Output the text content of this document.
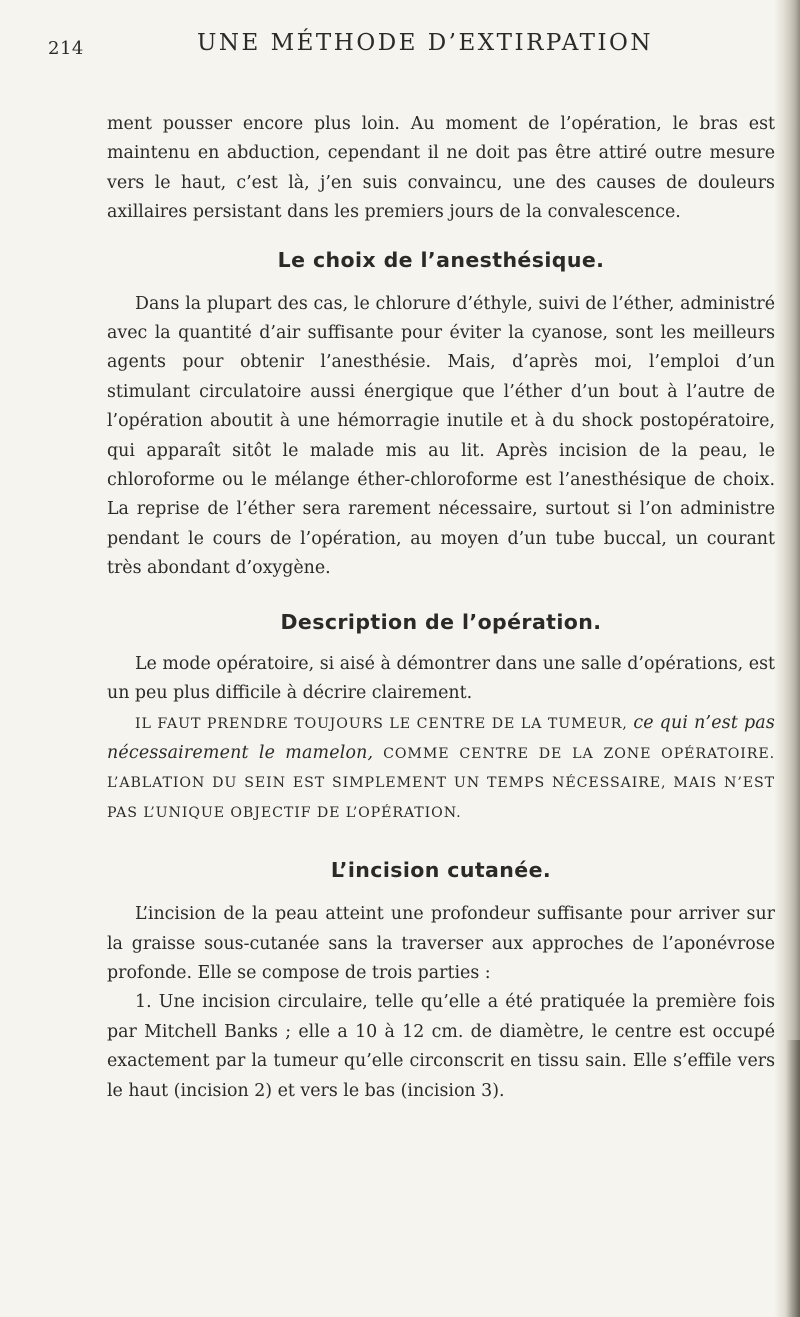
214	UNE MÉTHODE D’EXTIRPATION

ment pousser encore plus loin. Au moment de l’opération, le bras est maintenu en abduction, cependant il ne doit pas être attiré outre mesure vers le haut, c’est là, j’en suis convaincu, une des causes de douleurs axillaires persistant dans les premiers jours de la convalescence.

Le choix de l’anesthésique.

Dans la plupart des cas, le chlorure d’éthyle, suivi de l’éther, administré avec la quantité d’air suffisante pour éviter la cyanose, sont les meilleurs agents pour obtenir l’anesthésie. Mais, d’après moi, l’emploi d’un stimulant circulatoire aussi énergique que l’éther d’un bout à l’autre de l’opération aboutit à une hémorragie inutile et à du shock postopératoire, qui apparaît sitôt le malade mis au lit. Après incision de la peau, le chloroforme ou le mélange éther-chloroforme est l’anesthésique de choix. La reprise de l’éther sera rarement nécessaire, surtout si l’on administre pendant le cours de l’opération, au moyen d’un tube buccal, un courant très abondant d’oxygène.

Description de l’opération.

Le mode opératoire, si aisé à démontrer dans une salle d’opérations, est un peu plus difficile à décrire clairement.

IL FAUT PRENDRE TOUJOURS LE CENTRE DE LA TUMEUR, ce qui n’est pas nécessairement le mamelon, COMME CENTRE DE LA ZONE OPÉRATOIRE. L’ABLATION DU SEIN EST SIMPLEMENT UN TEMPS NÉCESSAIRE, MAIS N’EST PAS L’UNIQUE OBJECTIF DE L’OPÉRATION.

L’incision cutanée.

L’incision de la peau atteint une profondeur suffisante pour arriver sur la graisse sous-cutanée sans la traverser aux approches de l’aponévrose profonde. Elle se compose de trois parties :

1. Une incision circulaire, telle qu’elle a été pratiquée la première fois par Mitchell Banks ; elle a 10 à 12 cm. de diamètre, le centre est occupé exactement par la tumeur qu’elle circonscrit en tissu sain. Elle s’effile vers le haut (incision 2) et vers le bas (incision 3).
